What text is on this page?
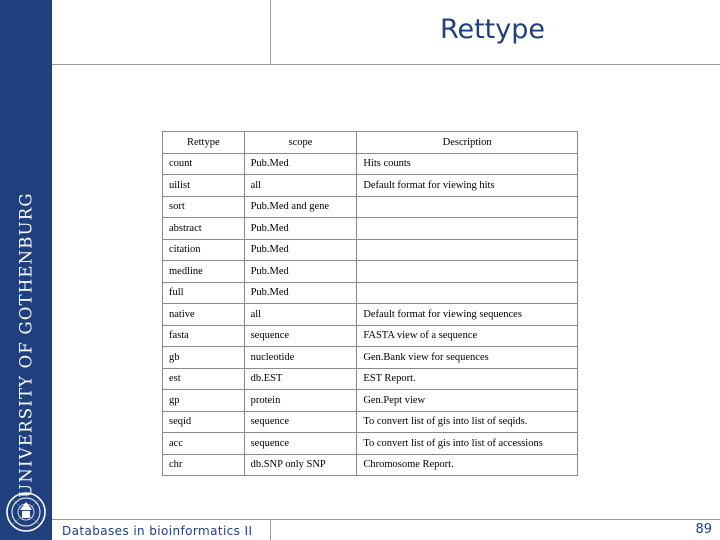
UNIVERSITY OF GOTHENBURG
Rettype
Rettype	scope	Description
count	Pub.Med	Hits counts
uilist	all	Default format for viewing hits
sort	Pub.Med and gene	
abstract	Pub.Med	
citation	Pub.Med	
medline	Pub.Med	
full	Pub.Med	
native	all	Default format for viewing sequences
fasta	sequence	FASTA view of a sequence
gb	nucleotide	Gen.Bank view for sequences
est	db.EST	EST Report.
gp	protein	Gen.Pept view
seqid	sequence	To convert list of gis into list of seqids.
acc	sequence	To convert list of gis into list of accessions
chr	db.SNP only SNP	Chromosome Report.
Databases in bioinformatics II	89
